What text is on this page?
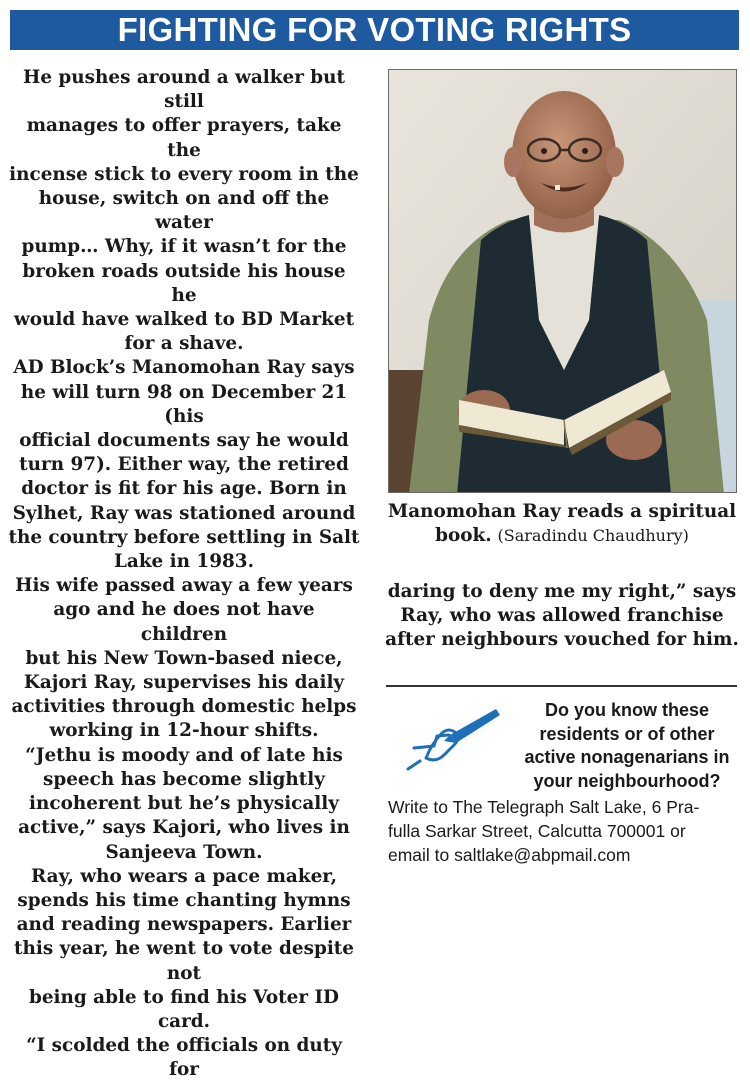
FIGHTING FOR VOTING RIGHTS

He pushes around a walker but still

manages to offer prayers, take the

incense stick to every room in the

house, switch on and off the water

pump… Why, if it wasn’t for the

broken roads outside his house he

would have walked to BD Market

for a shave.

AD Block’s Manomohan Ray says

he will turn 98 on December 21 (his

official documents say he would

turn 97). Either way, the retired

doctor is fit for his age. Born in

Sylhet, Ray was stationed around

the country before settling in Salt

Lake in 1983.

His wife passed away a few years

ago and he does not have children

but his New Town-based niece,

Kajori Ray, supervises his daily

activities through domestic helps

working in 12-hour shifts.

“Jethu is moody and of late his

speech has become slightly

incoherent but he’s physically

active,” says Kajori, who lives in

Sanjeeva Town.

Ray, who wears a pace maker,

spends his time chanting hymns

and reading newspapers. Earlier

this year, he went to vote despite not

being able to find his Voter ID card.

“I scolded the officials on duty for

Manomohan Ray reads a spiritual book. (Saradindu Chaudhury)

daring to deny me my right,” says

Ray, who was allowed franchise

after neighbours vouched for him.

Do you know these

residents or of other

active nonagenarians in

your neighbourhood?

Write to The Telegraph Salt Lake, 6 Pra-

fulla Sarkar Street, Calcutta 700001 or

email to saltlake@abpmail.com
